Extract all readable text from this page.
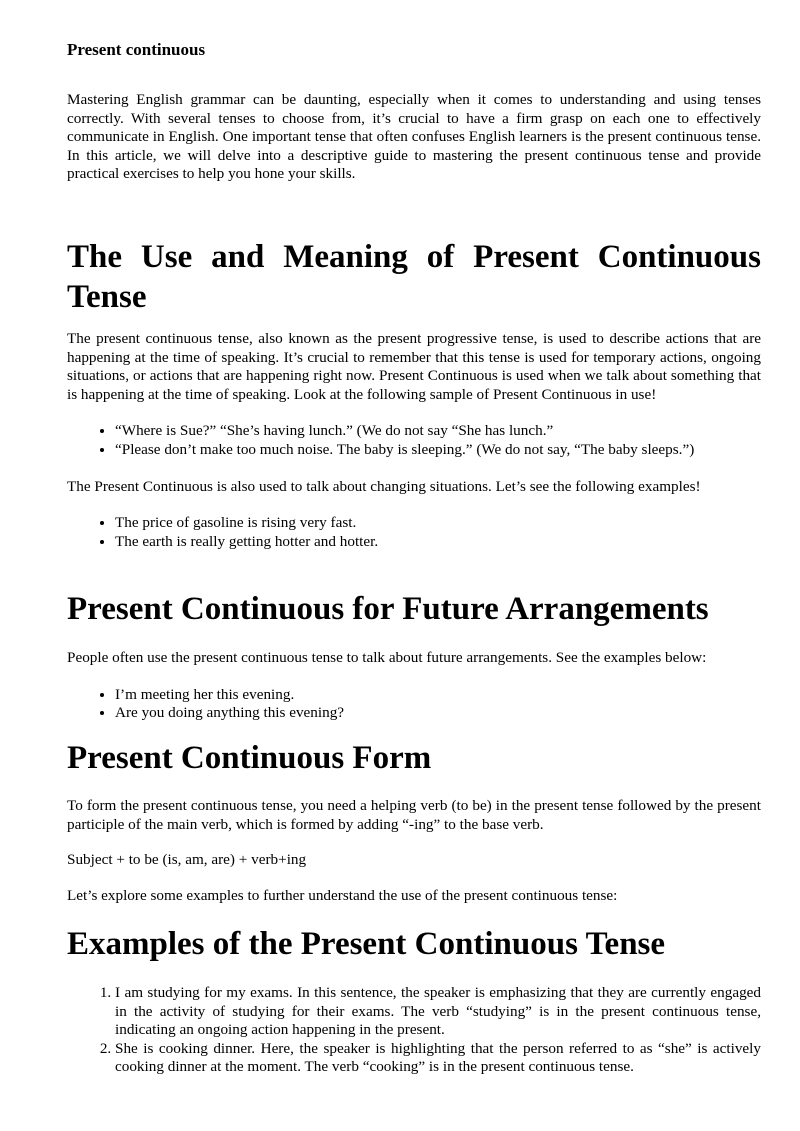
Present continuous

Mastering English grammar can be daunting, especially when it comes to understanding and using tenses correctly. With several tenses to choose from, it’s crucial to have a firm grasp on each one to effectively communicate in English. One important tense that often confuses English learners is the present continuous tense. In this article, we will delve into a descriptive guide to mastering the present continuous tense and provide practical exercises to help you hone your skills.

The Use and Meaning of Present Continuous Tense

The present continuous tense, also known as the present progressive tense, is used to describe actions that are happening at the time of speaking. It’s crucial to remember that this tense is used for temporary actions, ongoing situations, or actions that are happening right now. Present Continuous is used when we talk about something that is happening at the time of speaking. Look at the following sample of Present Continuous in use!

• “Where is Sue?” “She’s having lunch.” (We do not say “She has lunch.”
• “Please don’t make too much noise. The baby is sleeping.” (We do not say, “The baby sleeps.”)

The Present Continuous is also used to talk about changing situations. Let’s see the following examples!

• The price of gasoline is rising very fast.
• The earth is really getting hotter and hotter.
Present Continuous for Future Arrangements

People often use the present continuous tense to talk about future arrangements. See the examples below:

• I’m meeting her this evening.
• Are you doing anything this evening?
Present Continuous Form

To form the present continuous tense, you need a helping verb (to be) in the present tense followed by the present participle of the main verb, which is formed by adding “-ing” to the base verb.

Subject + to be (is, am, are) + verb+ing

Let’s explore some examples to further understand the use of the present continuous tense:

Examples of the Present Continuous Tense
1. I am studying for my exams. In this sentence, the speaker is emphasizing that they are currently engaged in the activity of studying for their exams. The verb “studying” is in the present continuous tense, indicating an ongoing action happening in the present.
2. She is cooking dinner. Here, the speaker is highlighting that the person referred to as “she” is actively cooking dinner at the moment. The verb “cooking” is in the present continuous tense.
